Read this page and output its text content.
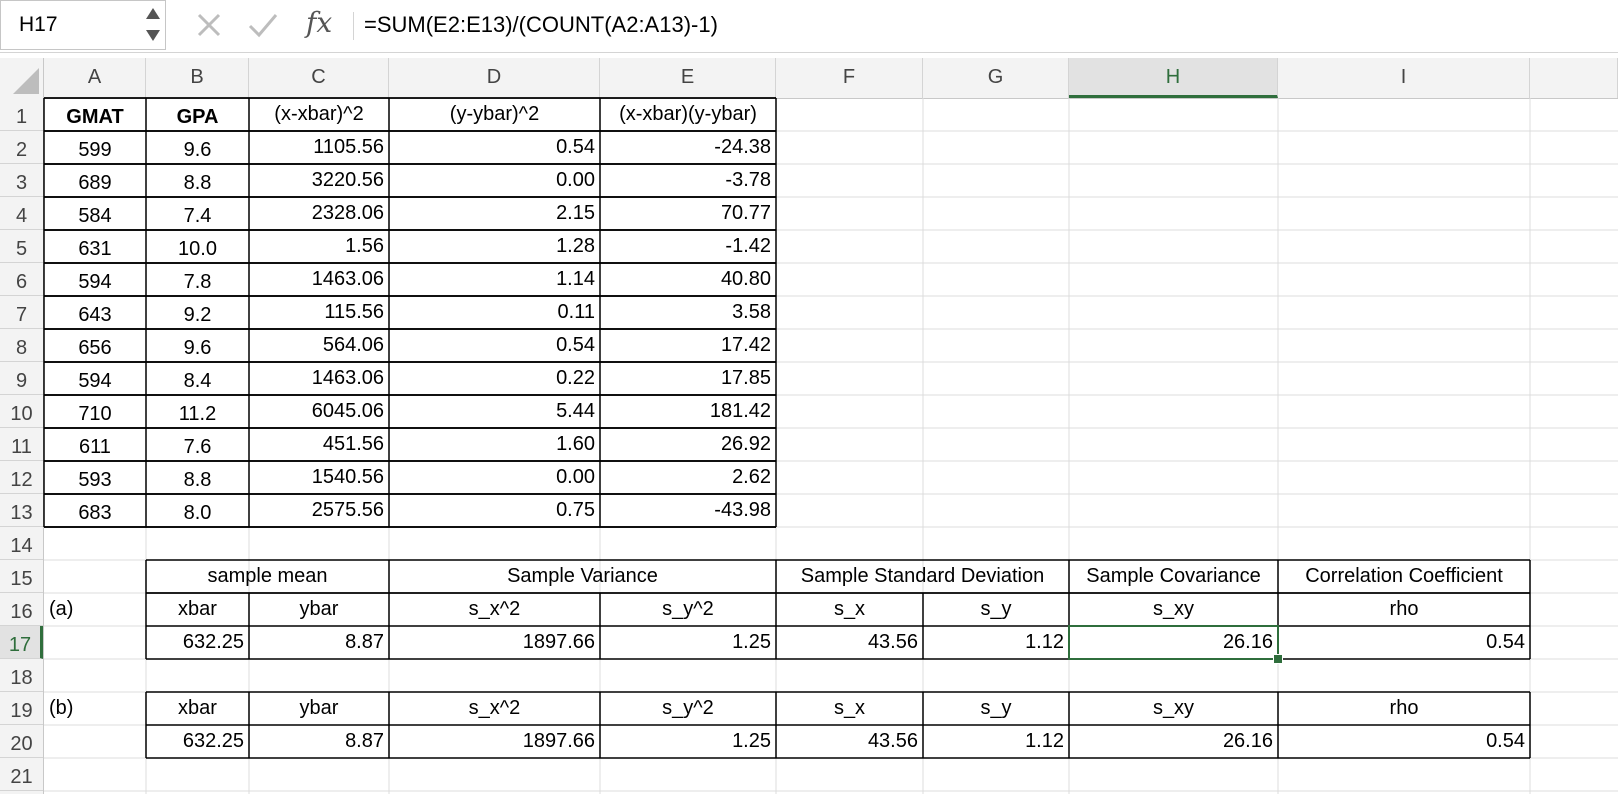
H17	fx =SUM(E2:E13)/(COUNT(A2:A13)-1)
A	B	C	D	E	F	G	H	I
1
2
3
4
5
6
7
8
9
10
11
12
13
14
15
16
17
18
19
20
21
GMAT	GPA	(x-xbar)^2	(y-ybar)^2	(x-xbar)(y-ybar)
599	9.6	1105.56	0.54	-24.38
689	8.8	3220.56	0.00	-3.78
584	7.4	2328.06	2.15	70.77
631	10.0	1.56	1.28	-1.42
594	7.8	1463.06	1.14	40.80
643	9.2	115.56	0.11	3.58
656	9.6	564.06	0.54	17.42
594	8.4	1463.06	0.22	17.85
710	11.2	6045.06	5.44	181.42
611	7.6	451.56	1.60	26.92
593	8.8	1540.56	0.00	2.62
683	8.0	2575.56	0.75	-43.98
sample mean	Sample Variance	Sample Standard Deviation	Sample Covariance	Correlation Coefficient
(a)	xbar	ybar	s_x^2	s_y^2	s_x	s_y	s_xy	rho
632.25	8.87	1897.66	1.25	43.56	1.12	26.16	0.54
(b)	xbar	ybar	s_x^2	s_y^2	s_x	s_y	s_xy	rho
632.25	8.87	1897.66	1.25	43.56	1.12	26.16	0.54
